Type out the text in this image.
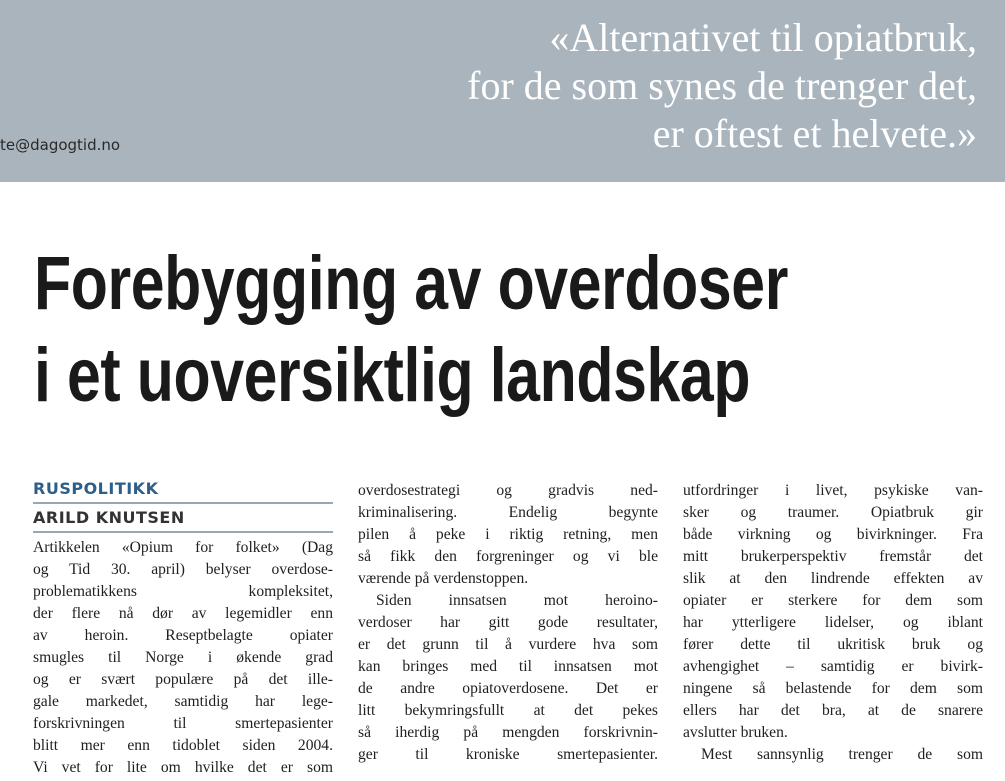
te@dagogtid.no
«Alternativet til opiatbruk,
for de som synes de trenger det,
er oftest et helvete.»
Forebygging av overdoser
i et uoversiktlig landskap
RUSPOLITIKK
ARILD KNUTSEN
Artikkelen «Opium for folket» (Dag
og Tid 30. april) belyser overdose-
problematikkens kompleksitet,
der flere nå dør av legemidler enn
av heroin. Reseptbelagte opiater
smugles til Norge i økende grad
og er svært populære på det ille-
gale markedet, samtidig har lege-
forskrivningen til smertepasienter
blitt mer enn tidoblet siden 2004.
Vi vet for lite om hvilke det er som
overdosestrategi og gradvis ned-
kriminalisering. Endelig begynte
pilen å peke i riktig retning, men
så fikk den forgreninger og vi ble
værende på verdenstoppen.
Siden innsatsen mot heroino-
verdoser har gitt gode resultater,
er det grunn til å vurdere hva som
kan bringes med til innsatsen mot
de andre opiatoverdosene. Det er
litt bekymringsfullt at det pekes
så iherdig på mengden forskrivnin-
ger til kroniske smertepasienter.
utfordringer i livet, psykiske van-
sker og traumer. Opiatbruk gir
både virkning og bivirkninger. Fra
mitt brukerperspektiv fremstår det
slik at den lindrende effekten av
opiater er sterkere for dem som
har ytterligere lidelser, og iblant
fører dette til ukritisk bruk og
avhengighet – samtidig er bivirk-
ningene så belastende for dem som
ellers har det bra, at de snarere
avslutter bruken.
Mest sannsynlig trenger de som
